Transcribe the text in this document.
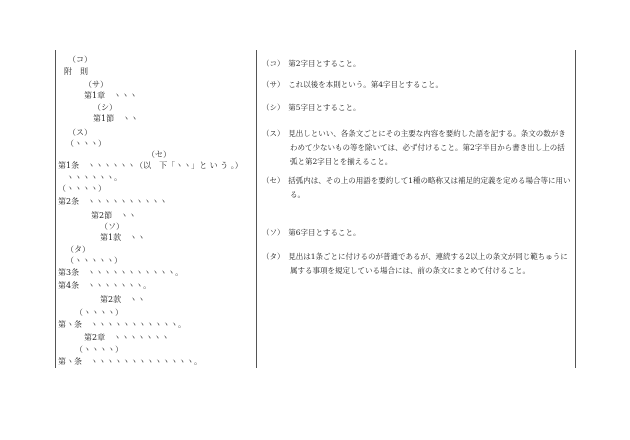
（コ）
附　則
（サ）
第1章　ヽヽヽ
（シ）
第1節　ヽヽ
（ス）
（ヽヽヽ）
（セ）
第1条　ヽヽヽヽヽヽ（以　下「ヽヽ」と い う 。）
ヽヽヽヽヽヽ。
（ヽヽヽヽ）
第2条　ヽヽヽヽヽヽヽヽヽヽ
第2節　ヽヽ
（ソ）
第1款　ヽヽ
（タ）
（ヽヽヽヽヽ）
第3条　ヽヽヽヽヽヽヽヽヽヽヽ。
第4条　ヽヽヽヽヽヽヽ。
第2款　ヽヽ
（ヽヽヽヽ）
第ヽ条　ヽヽヽヽヽヽヽヽヽヽヽ。
第2章　ヽヽヽヽヽヽヽ
（ヽヽヽヽ）
第ヽ条　ヽヽヽヽヽヽヽヽヽヽヽヽヽ。
（コ）　 第2字目とすること。
（サ）　 これ以後を本則という。第4字目とすること。
（シ）　 第5字目とすること。
（ス）　 見出しといい、各条文ごとにその主要な内容を要約した語を記する。条文の数がきわめて少ないもの等を除いては、必ず付けること。第2字半目から書き出し上の括弧と第2字目とを揃えること。
（セ）　 括弧内は、その上の用語を要約して1種の略称又は補足的定義を定める場合等に用いる。
（ソ）　 第6字目とすること。
（タ）　 見出は1条ごとに付けるのが普通であるが、連続する2以上の条文が同じ範ちゅうに属する事項を規定している場合には、前の条文にまとめて付けること。
